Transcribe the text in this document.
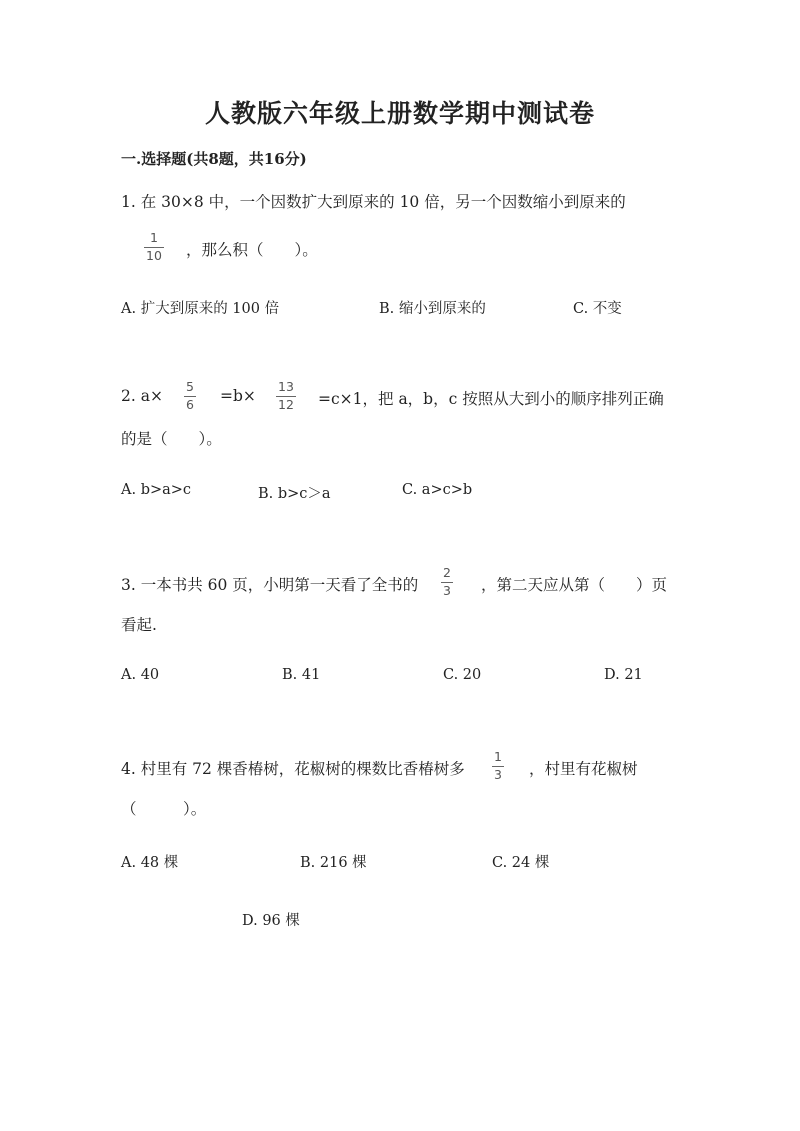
人教版六年级上册数学期中测试卷
一.选择题(共8题，共16分)
1. 在 30×8 中，一个因数扩大到原来的 10 倍，另一个因数缩小到原来的
1
10 ，那么积（　　）。
A. 扩大到原来的 100 倍	B. 缩小到原来的	C. 不变
2. a×
5
6 =b×
13
12 =c×1，把 a，b，c 按照从大到小的顺序排列正确
的是（　　）。
A. b>a>c	B. b>c＞a	C. a>c>b
3. 一本书共 60 页，小明第一天看了全书的
2
3 ，第二天应从第（　　）页
看起.
A. 40	B. 41	C. 20	D. 21
4. 村里有 72 棵香椿树，花椒树的棵数比香椿树多
1
3 ，村里有花椒树
（　　　）。
A. 48 棵	B. 216 棵	C. 24 棵
D. 96 棵
